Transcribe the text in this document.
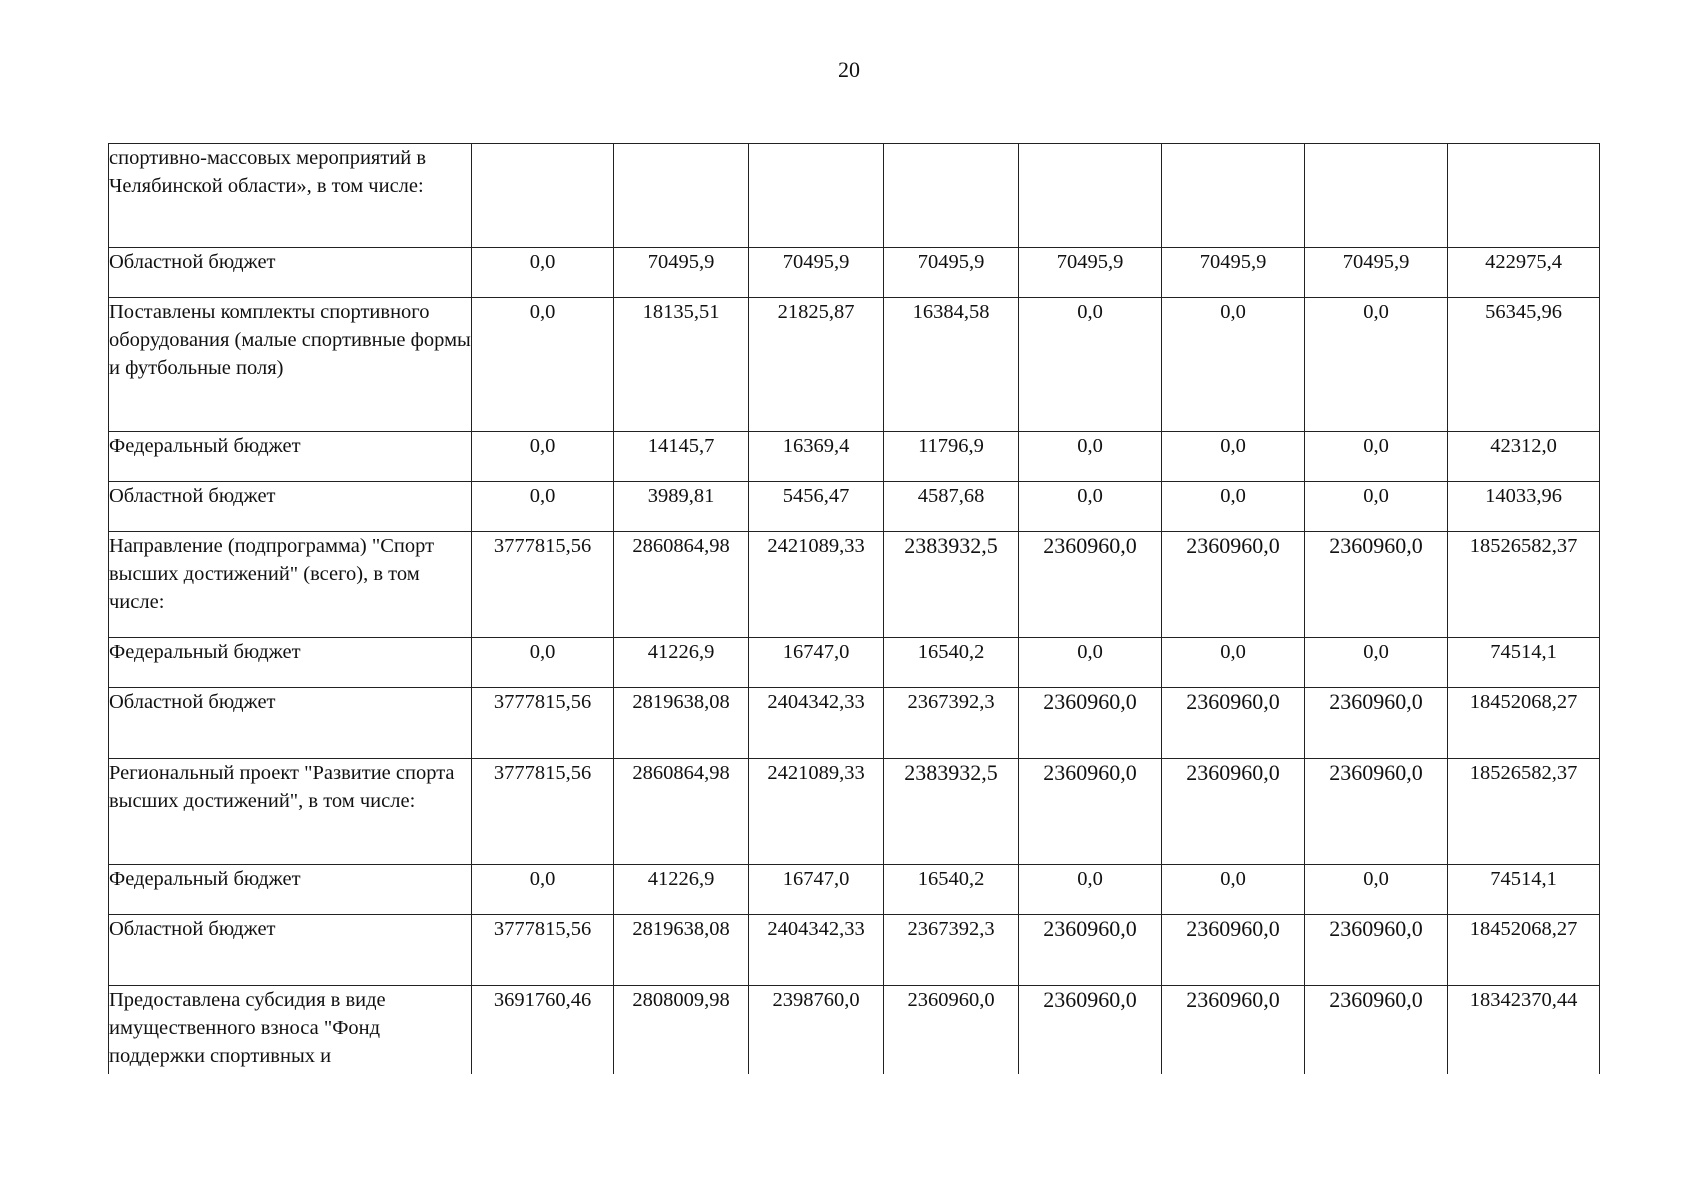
20
спортивно-массовых мероприятий в Челябинской области», в том числе:								
Областной бюджет	0,0	70495,9	70495,9	70495,9	70495,9	70495,9	70495,9	422975,4
Поставлены комплекты спортивного оборудования (малые спортивные формы и футбольные поля)	0,0	18135,51	21825,87	16384,58	0,0	0,0	0,0	56345,96
Федеральный бюджет	0,0	14145,7	16369,4	11796,9	0,0	0,0	0,0	42312,0
Областной бюджет	0,0	3989,81	5456,47	4587,68	0,0	0,0	0,0	14033,96
Направление (подпрограмма) "Спорт высших достижений" (всего), в том числе:	3777815,56	2860864,98	2421089,33	2383932,5	2360960,0	2360960,0	2360960,0	18526582,37
Федеральный бюджет	0,0	41226,9	16747,0	16540,2	0,0	0,0	0,0	74514,1
Областной бюджет	3777815,56	2819638,08	2404342,33	2367392,3	2360960,0	2360960,0	2360960,0	18452068,27
Региональный проект "Развитие спорта высших достижений", в том числе:	3777815,56	2860864,98	2421089,33	2383932,5	2360960,0	2360960,0	2360960,0	18526582,37
Федеральный бюджет	0,0	41226,9	16747,0	16540,2	0,0	0,0	0,0	74514,1
Областной бюджет	3777815,56	2819638,08	2404342,33	2367392,3	2360960,0	2360960,0	2360960,0	18452068,27
Предоставлена субсидия в виде имущественного взноса "Фонд поддержки спортивных и	3691760,46	2808009,98	2398760,0	2360960,0	2360960,0	2360960,0	2360960,0	18342370,44
